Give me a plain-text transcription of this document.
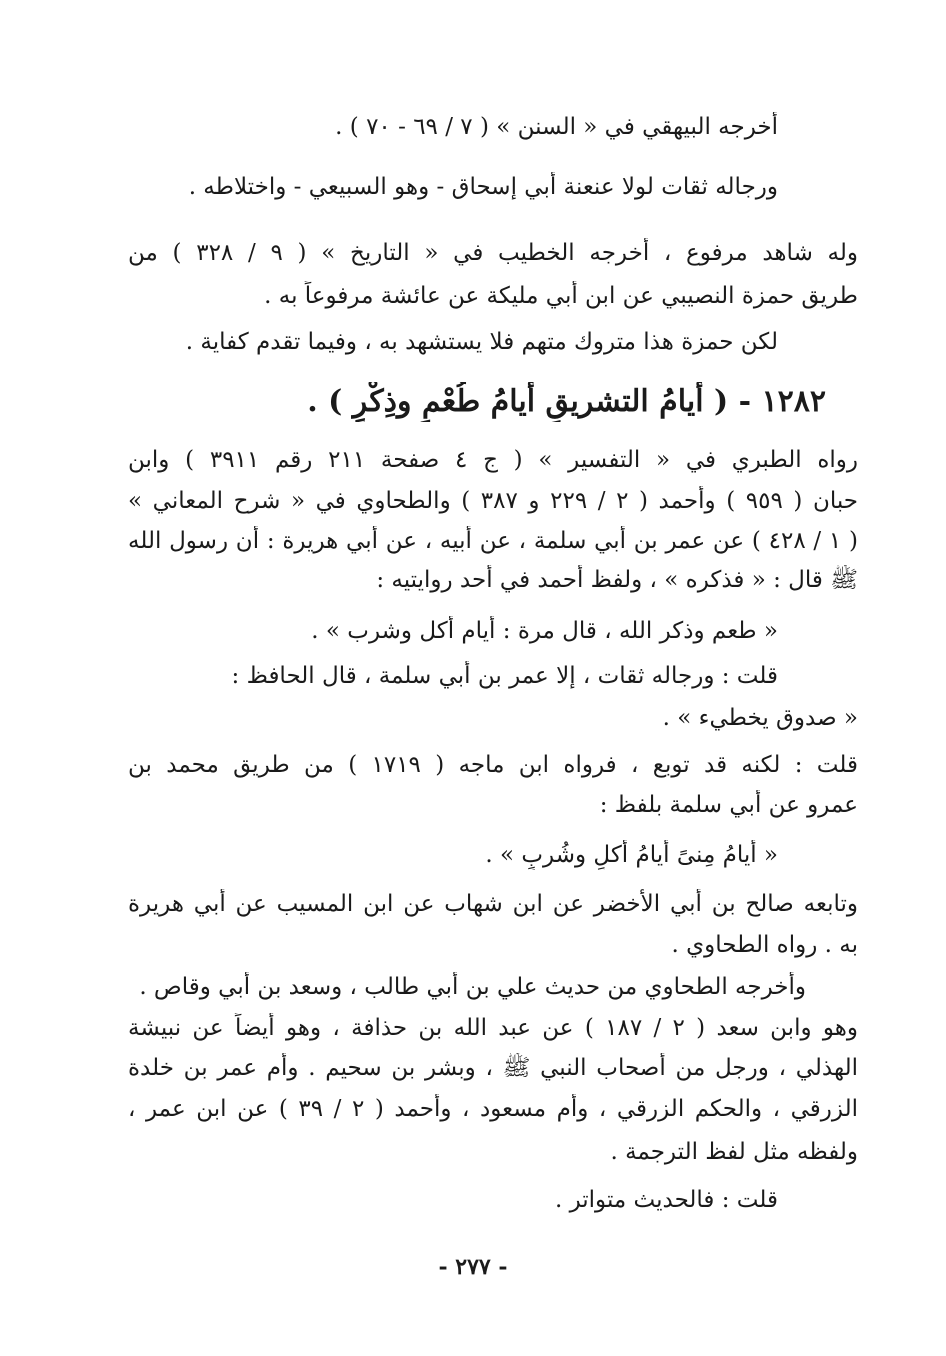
أخرجه البيهقي في « السنن » ( ٧ / ٦٩ - ٧٠ ) .
ورجاله ثقات لولا عنعنة أبي إسحاق - وهو السبيعي - واختلاطه .
وله شاهد مرفوع ، أخرجه الخطيب في « التاريخ » ( ٩ / ٣٢٨ ) من
طريق حمزة النصيبي عن ابن أبي مليكة عن عائشة مرفوعاً به .
لكن حمزة هذا متروك متهم فلا يستشهد به ، وفيما تقدم كفاية .
١٢٨٢ - ( أيامُ التشريقِ أيامُ طُعْمٍ وذِكْرٍ ) .
رواه الطبري في « التفسير » ( ج ٤ صفحة ٢١١ رقم ٣٩١١ ) وابن
حبان ( ٩٥٩ ) وأحمد ( ٢ / ٢٢٩ و ٣٨٧ ) والطحاوي في « شرح المعاني »
( ١ / ٤٢٨ ) عن عمر بن أبي سلمة ، عن أبيه ، عن أبي هريرة : أن رسول الله
ﷺ قال : « فذكره » ، ولفظ أحمد في أحد روايتيه :
« طعم وذكر الله ، قال مرة : أيام أكل وشرب » .
قلت : ورجاله ثقات ، إلا عمر بن أبي سلمة ، قال الحافظ :
« صدوق يخطيء » .
قلت : لكنه قد توبع ، فرواه ابن ماجه ( ١٧١٩ ) من طريق محمد بن
عمرو عن أبي سلمة بلفظ :
« أيامُ مِنىً أيامُ أكلٍ وشُربٍ » .
وتابعه صالح بن أبي الأخضر عن ابن شهاب عن ابن المسيب عن أبي هريرة
به . رواه الطحاوي .
وأخرجه الطحاوي من حديث علي بن أبي طالب ، وسعد بن أبي وقاص .
وهو وابن سعد ( ٢ / ١٨٧ ) عن عبد الله بن حذافة ، وهو أيضاً عن نبيشة
الهذلي ، ورجل من أصحاب النبي ﷺ ، وبشر بن سحيم . وأم عمر بن خلدة
الزرقي ، والحكم الزرقي ، وأم مسعود ، وأحمد ( ٢ / ٣٩ ) عن ابن عمر ،
ولفظه مثل لفظ الترجمة .
قلت : فالحديث متواتر .
- ٢٧٧ -
